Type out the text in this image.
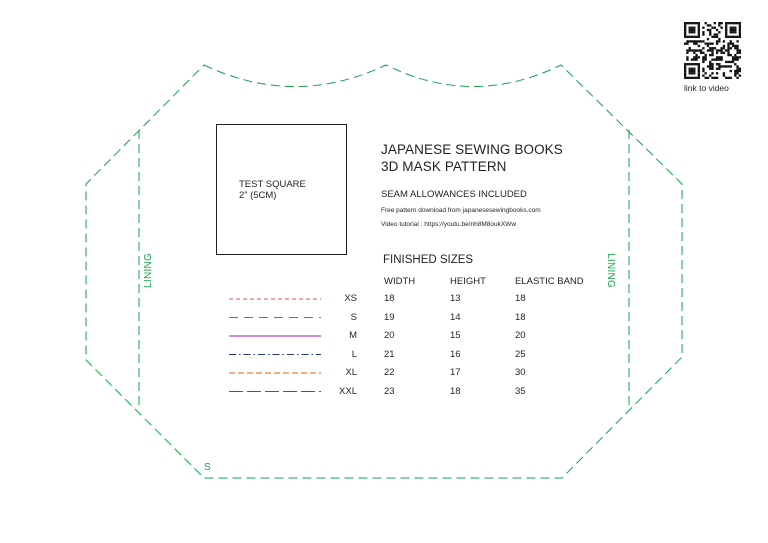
link to video
LINING	LINING
S
TEST SQUARE
2” (5CM)
JAPANESE SEWING BOOKS
3D MASK PATTERN
SEAM ALLOWANCES INCLUDED
Free pattern download from japanesesewingbooks.com
Video tutorial : https://youtu.be/nh8M8oukXWw
FINISHED SIZES
WIDTH	HEIGHT	ELASTIC BAND
XS	18	13	18
S	19	14	18
M	20	15	20
L	21	16	25
XL	22	17	30
XXL	23	18	35
